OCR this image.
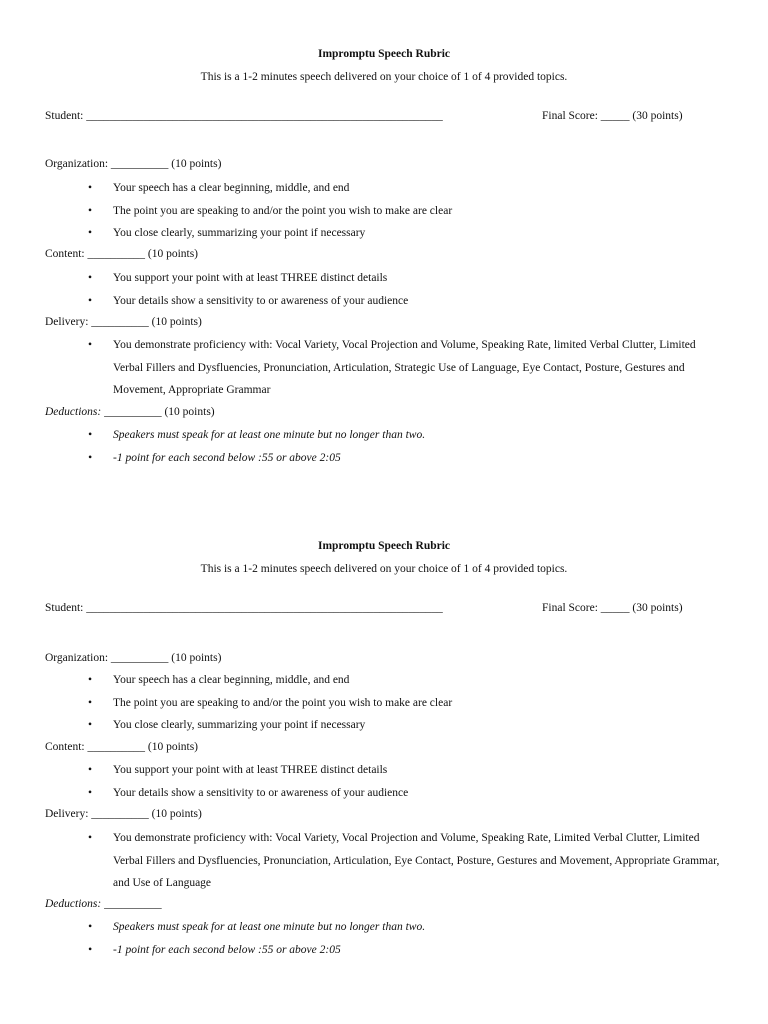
Impromptu Speech Rubric
This is a 1-2 minutes speech delivered on your choice of 1 of 4 provided topics.
Student: ______________________________________________________________	Final Score: _____ (30 points)
Organization: __________ (10 points)
• Your speech has a clear beginning, middle, and end
• The point you are speaking to and/or the point you wish to make are clear
• You close clearly, summarizing your point if necessary
Content: __________ (10 points)
• You support your point with at least THREE distinct details
• Your details show a sensitivity to or awareness of your audience
Delivery: __________ (10 points)
• You demonstrate proficiency with: Vocal Variety, Vocal Projection and Volume, Speaking Rate, limited Verbal Clutter, Limited Verbal Fillers and Dysfluencies, Pronunciation, Articulation, Strategic Use of Language, Eye Contact, Posture, Gestures and Movement, Appropriate Grammar
Deductions: __________ (10 points)
• Speakers must speak for at least one minute but no longer than two.
• -1 point for each second below :55 or above 2:05
Impromptu Speech Rubric
This is a 1-2 minutes speech delivered on your choice of 1 of 4 provided topics.
Student: ______________________________________________________________	Final Score: _____ (30 points)
Organization: __________ (10 points)
• Your speech has a clear beginning, middle, and end
• The point you are speaking to and/or the point you wish to make are clear
• You close clearly, summarizing your point if necessary
Content: __________ (10 points)
• You support your point with at least THREE distinct details
• Your details show a sensitivity to or awareness of your audience
Delivery: __________ (10 points)
• You demonstrate proficiency with: Vocal Variety, Vocal Projection and Volume, Speaking Rate, Limited Verbal Clutter, Limited Verbal Fillers and Dysfluencies, Pronunciation, Articulation, Eye Contact, Posture, Gestures and Movement, Appropriate Grammar, and Use of Language
Deductions: __________
• Speakers must speak for at least one minute but no longer than two.
• -1 point for each second below :55 or above 2:05
